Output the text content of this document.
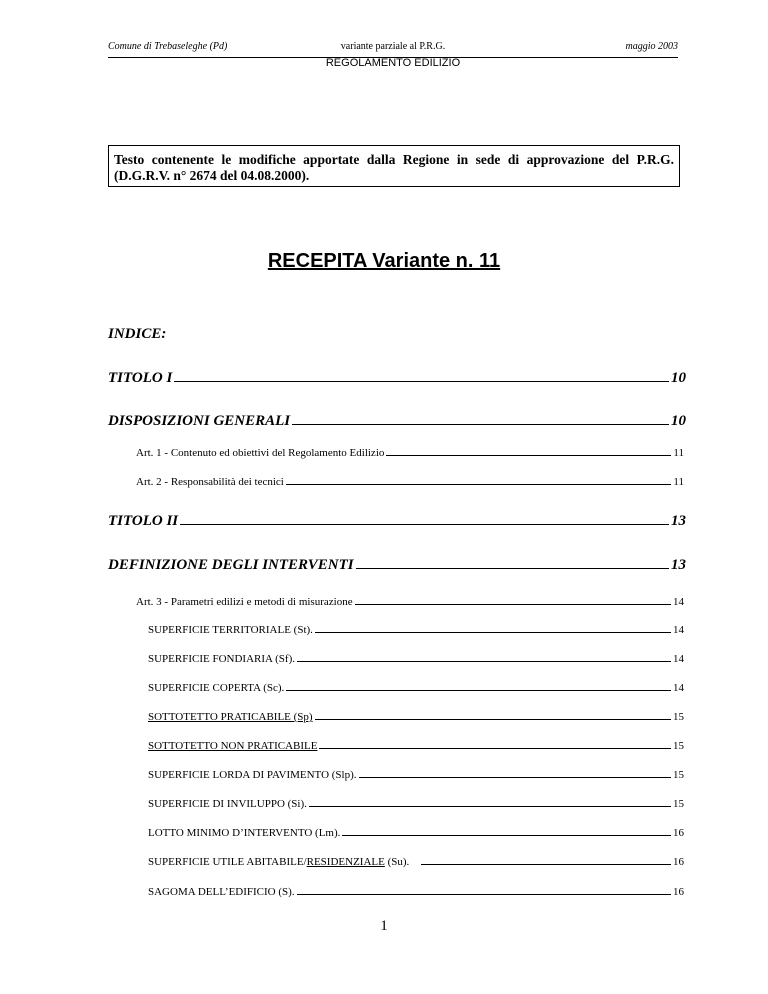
Comune di Trebaseleghe (Pd)	variante parziale al P.R.G.	maggio 2003
REGOLAMENTO EDILIZIO

Testo contenente le modifiche apportate dalla Regione in sede di approvazione del P.R.G. (D.G.R.V. n° 2674 del 04.08.2000).

RECEPITA Variante n. 11
INDICE:
TITOLO I	10
DISPOSIZIONI GENERALI	10
Art. 1 - Contenuto ed obiettivi del Regolamento Edilizio	11
Art. 2 - Responsabilità dei tecnici	11
TITOLO II	13
DEFINIZIONE DEGLI INTERVENTI	13
Art. 3 - Parametri edilizi e metodi di misurazione	14
SUPERFICIE TERRITORIALE (St).	14
SUPERFICIE FONDIARIA (Sf).	14
SUPERFICIE COPERTA (Sc).	14
SOTTOTETTO PRATICABILE (Sp)	15
SOTTOTETTO NON PRATICABILE	15
SUPERFICIE LORDA DI PAVIMENTO (Slp).	15
SUPERFICIE DI INVILUPPO (Si).	15
LOTTO MINIMO D’INTERVENTO (Lm).	16
SUPERFICIE UTILE ABITABILE/RESIDENZIALE (Su).	16
SAGOMA DELL’EDIFICIO (S).	16
1
